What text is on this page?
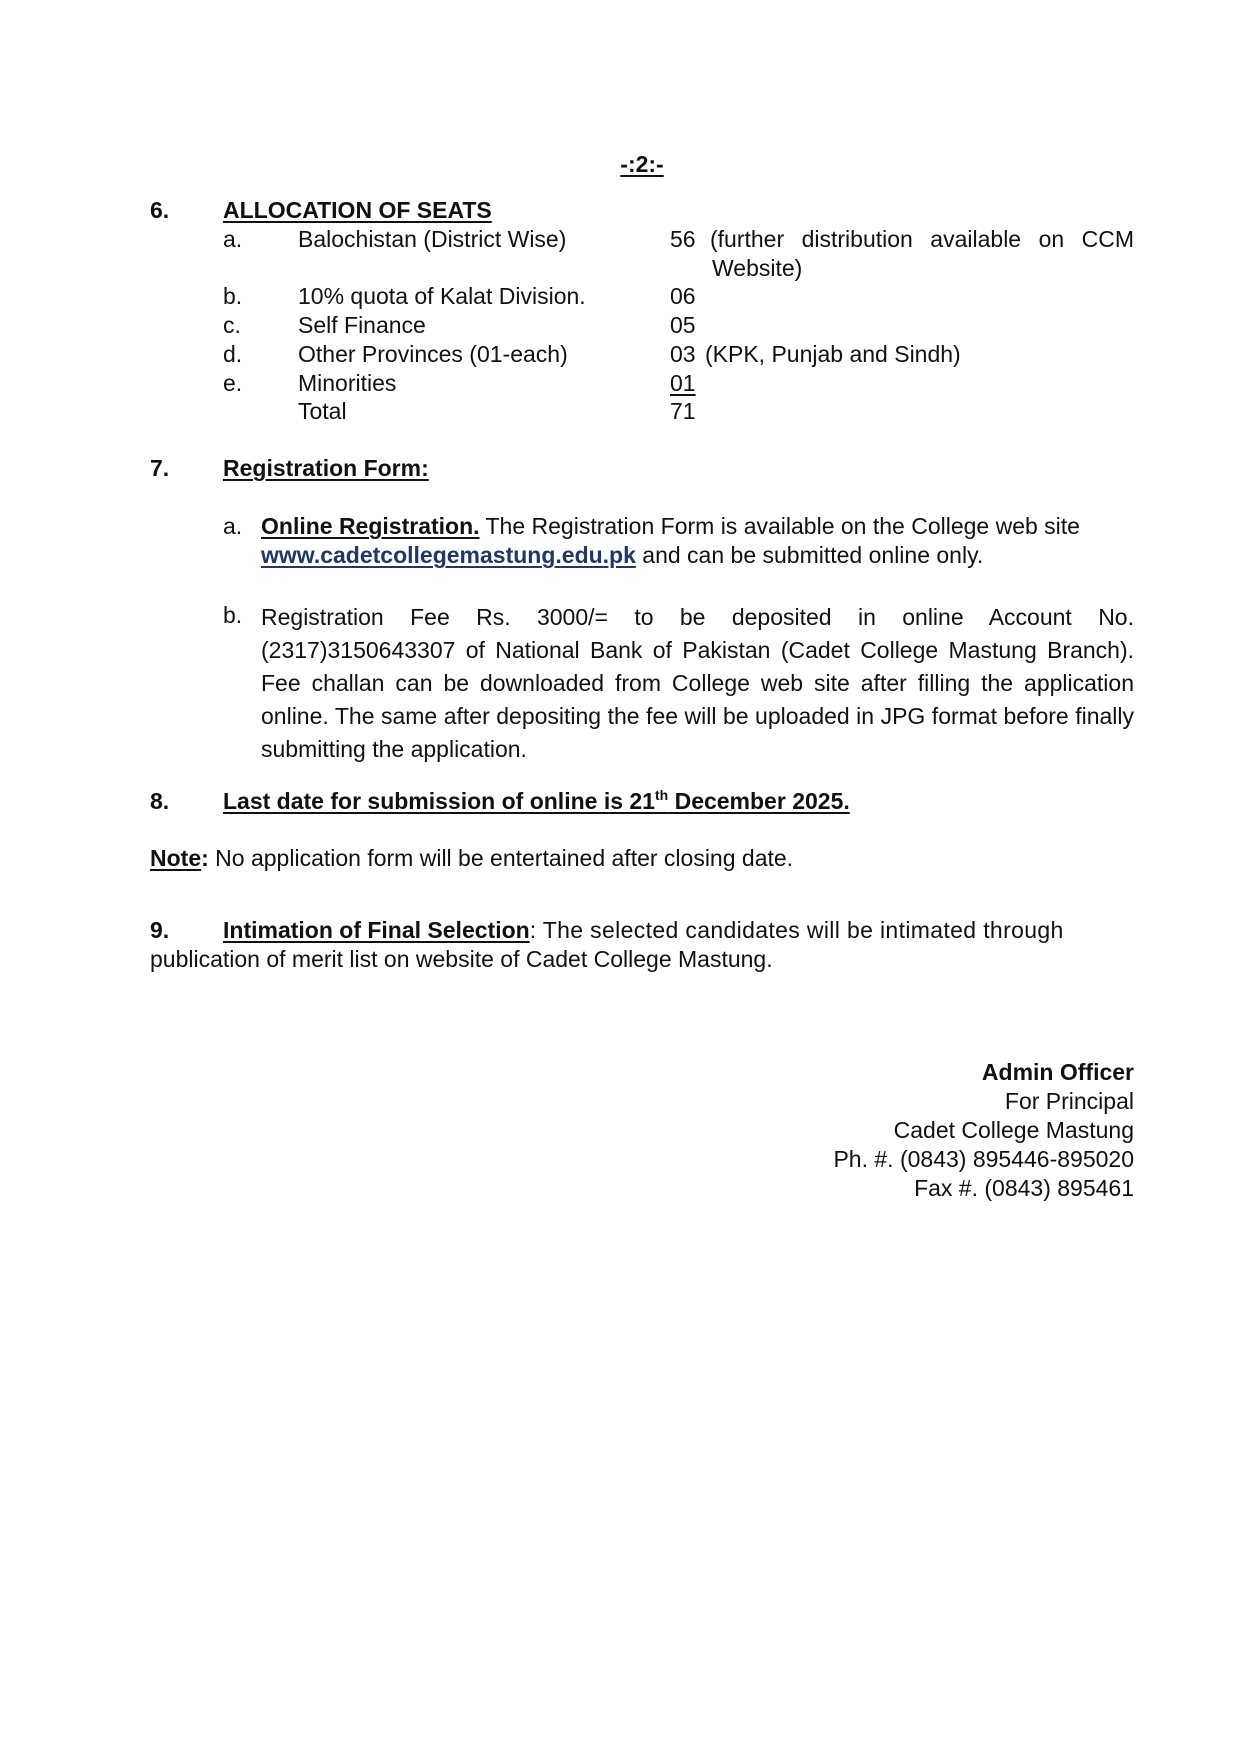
-:2:-
6. ALLOCATION OF SEATS
a. Balochistan (District Wise)	56 (further distribution available on CCM
Website)
b. 10% quota of Kalat Division.	06
c. Self Finance	05
d. Other Provinces (01-each)	03 (KPK, Punjab and Sindh)
e. Minorities	01
Total	71
7. Registration Form:
a. Online Registration. The Registration Form is available on the College web site
www.cadetcollegemastung.edu.pk and can be submitted online only.
b. Registration Fee Rs. 3000/= to be deposited in online Account No. (2317)3150643307 of National Bank of Pakistan (Cadet College Mastung Branch). Fee challan can be downloaded from College web site after filling the application online. The same after depositing the fee will be uploaded in JPG format before finally submitting the application.
8. Last date for submission of online is 21th December 2025.
Note: No application form will be entertained after closing date.
9. Intimation of Final Selection: The selected candidates will be intimated through
publication of merit list on website of Cadet College Mastung.
Admin Officer
For Principal
Cadet College Mastung
Ph. #. (0843) 895446-895020
Fax #. (0843) 895461
